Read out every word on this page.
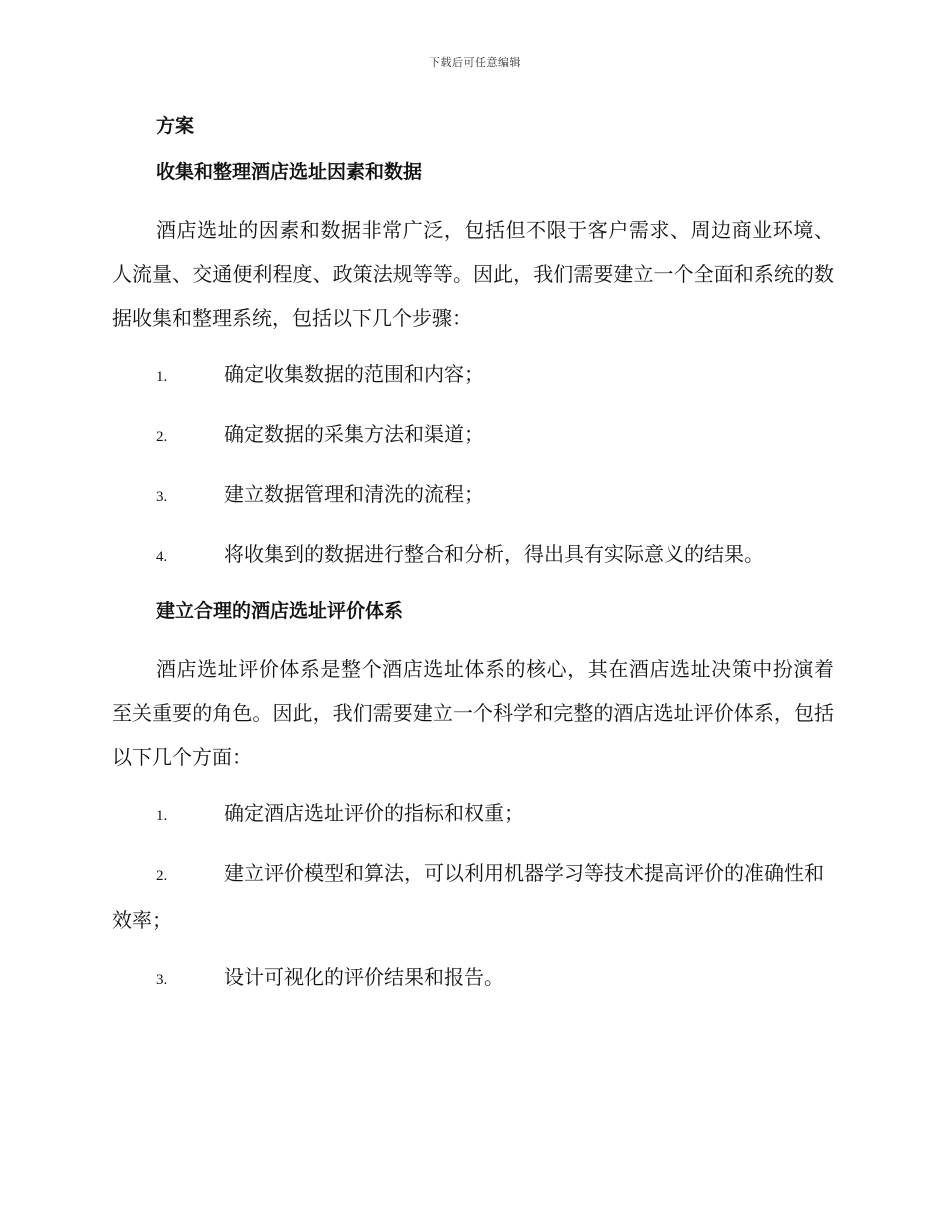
下载后可任意编辑
方案
收集和整理酒店选址因素和数据

酒店选址的因素和数据非常广泛，包括但不限于客户需求、周边商业环境、人流量、交通便利程度、政策法规等等。因此，我们需要建立一个全面和系统的数据收集和整理系统，包括以下几个步骤：

1.	确定收集数据的范围和内容；
2.	确定数据的采集方法和渠道；
3.	建立数据管理和清洗的流程；
4.	将收集到的数据进行整合和分析，得出具有实际意义的结果。
建立合理的酒店选址评价体系

酒店选址评价体系是整个酒店选址体系的核心，其在酒店选址决策中扮演着至关重要的角色。因此，我们需要建立一个科学和完整的酒店选址评价体系，包括以下几个方面：

1.	确定酒店选址评价的指标和权重；
2.	建立评价模型和算法，可以利用机器学习等技术提高评价的准确性和效率；
3.	设计可视化的评价结果和报告。
